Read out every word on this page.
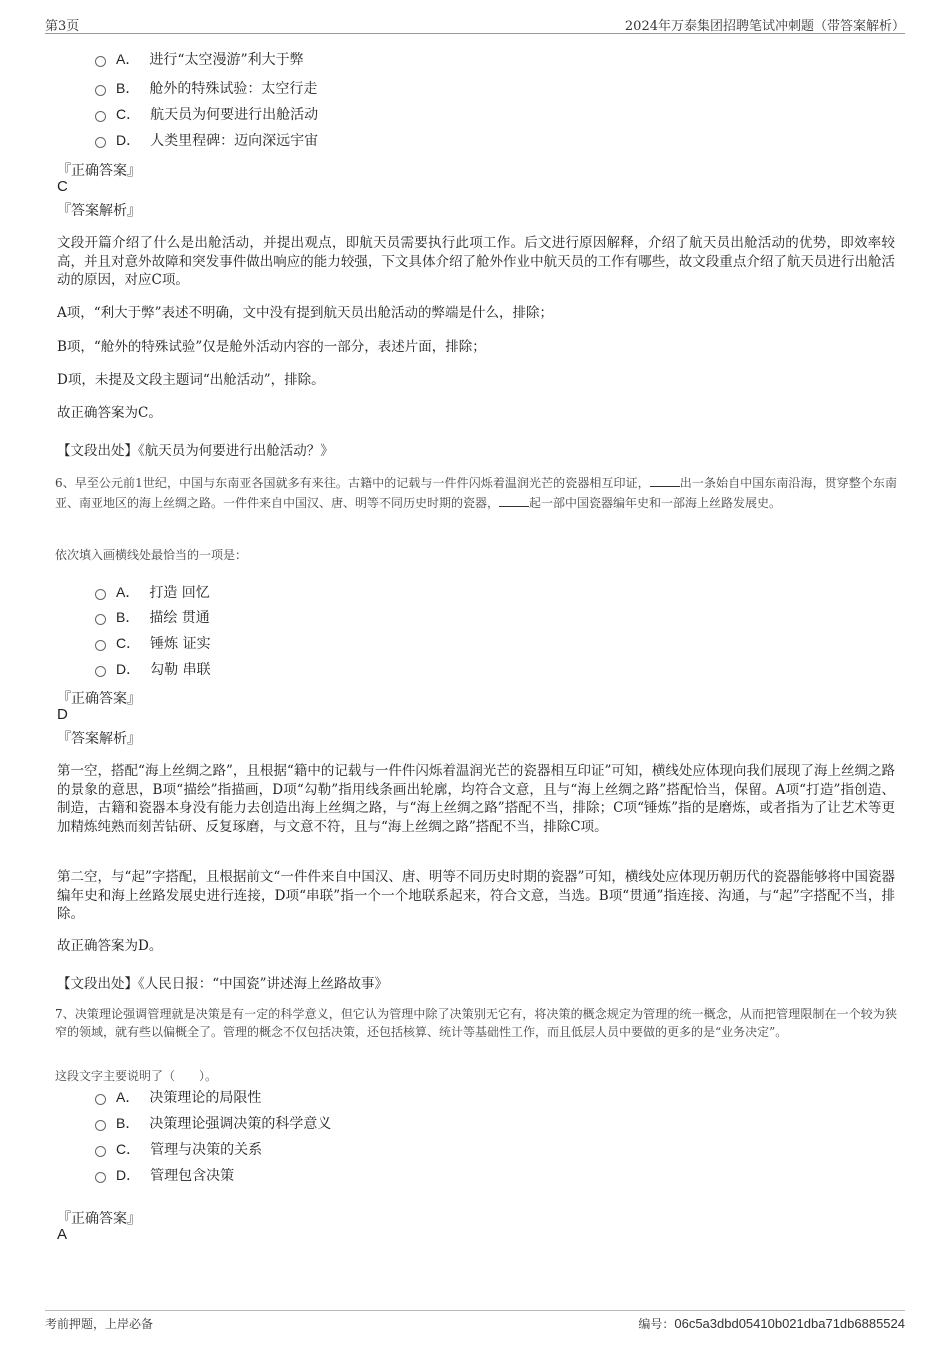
第3页	2024年万泰集团招聘笔试冲刺题（带答案解析）
A． 进行“太空漫游”利大于弊
B． 舱外的特殊试验：太空行走
C． 航天员为何要进行出舱活动
D． 人类里程碑：迈向深远宇宙
『正确答案』
C
『答案解析』
文段开篇介绍了什么是出舱活动，并提出观点，即航天员需要执行此项工作。后文进行原因解释，介绍了航天员出舱活动的优势，即效率较高，并且对意外故障和突发事件做出响应的能力较强，下文具体介绍了舱外作业中航天员的工作有哪些，故文段重点介绍了航天员进行出舱活动的原因，对应C项。
A项，“利大于弊”表述不明确，文中没有提到航天员出舱活动的弊端是什么，排除；
B项，“舱外的特殊试验”仅是舱外活动内容的一部分，表述片面，排除；
D项，未提及文段主题词“出舱活动”，排除。
故正确答案为C。
【文段出处】《航天员为何要进行出舱活动？》
6、早至公元前1世纪，中国与东南亚各国就多有来往。古籍中的记载与一件件闪烁着温润光芒的瓷器相互印证，	出一条始自中国东南沿海，贯穿整个东南亚、南亚地区的海上丝绸之路。一件件来自中国汉、唐、明等不同历史时期的瓷器，	起一部中国瓷器编年史和一部海上丝路发展史。
依次填入画横线处最恰当的一项是：
A． 打造 回忆
B． 描绘 贯通
C． 锤炼 证实
D． 勾勒 串联
『正确答案』
D
『答案解析』
第一空，搭配“海上丝绸之路”，且根据“籍中的记载与一件件闪烁着温润光芒的瓷器相互印证”可知，横线处应体现向我们展现了海上丝绸之路的景象的意思，B项“描绘”指描画，D项“勾勒”指用线条画出轮廓，均符合文意，且与“海上丝绸之路”搭配恰当，保留。A项“打造”指创造、制造，古籍和瓷器本身没有能力去创造出海上丝绸之路，与“海上丝绸之路”搭配不当，排除；C项“锤炼”指的是磨炼，或者指为了让艺术等更加精炼纯熟而刻苦钻研、反复琢磨，与文意不符，且与“海上丝绸之路”搭配不当，排除C项。
第二空，与“起”字搭配，且根据前文“一件件来自中国汉、唐、明等不同历史时期的瓷器”可知，横线处应体现历朝历代的瓷器能够将中国瓷器编年史和海上丝路发展史进行连接，D项“串联”指一个一个地联系起来，符合文意，当选。B项“贯通”指连接、沟通，与“起”字搭配不当，排除。
故正确答案为D。
【文段出处】《人民日报：“中国瓷”讲述海上丝路故事》
7、决策理论强调管理就是决策是有一定的科学意义，但它认为管理中除了决策别无它有，将决策的概念规定为管理的统一概念，从而把管理限制在一个较为狭窄的领域，就有些以偏概全了。管理的概念不仅包括决策，还包括核算、统计等基础性工作，而且低层人员中要做的更多的是“业务决定”。
这段文字主要说明了（　　）。
A． 决策理论的局限性
B． 决策理论强调决策的科学意义
C． 管理与决策的关系
D． 管理包含决策
『正确答案』
A
考前押题，上岸必备	编号：06c5a3dbd05410b021dba71db6885524
